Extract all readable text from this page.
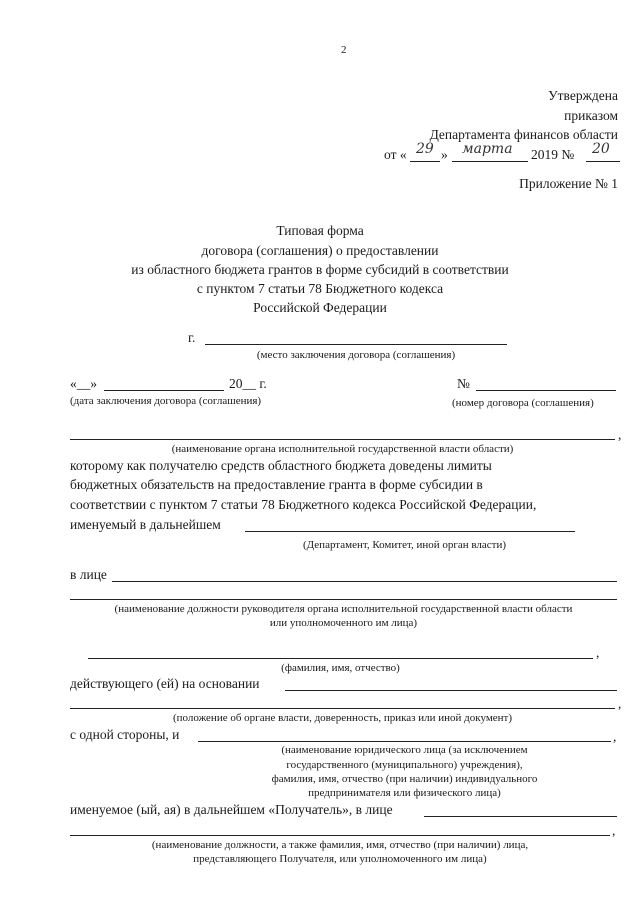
2
Утверждена
приказом
Департамента финансов области
от « 29 » марта 2019 № 20
Приложение № 1
Типовая форма
договора (соглашения) о предоставлении
из областного бюджета грантов в форме субсидий в соответствии
с пунктом 7 статьи 78 Бюджетного кодекса
Российской Федерации
г.
(место заключения договора (соглашения)
«__»	20__ г.
(дата заключения договора (соглашения)
№
(номер договора (соглашения)
,
(наименование органа исполнительной государственной власти области)
которому как получателю средств областного бюджета доведены лимиты
бюджетных обязательств на предоставление гранта в форме субсидии в
соответствии с пунктом 7 статьи 78 Бюджетного кодекса Российской Федерации,
именуемый в дальнейшем
(Департамент, Комитет, иной орган власти)
в лице
(наименование должности руководителя органа исполнительной государственной власти области
или уполномоченного им лица)
,
(фамилия, имя, отчество)
действующего (ей) на основании
,
(положение об органе власти, доверенность, приказ или иной документ)
с одной стороны, и	,
(наименование юридического лица (за исключением
государственного (муниципального) учреждения),
фамилия, имя, отчество (при наличии) индивидуального
предпринимателя или физического лица)
именуемое (ый, ая) в дальнейшем «Получатель», в лице
,
(наименование должности, а также фамилия, имя, отчество (при наличии) лица,
представляющего Получателя, или уполномоченного им лица)
